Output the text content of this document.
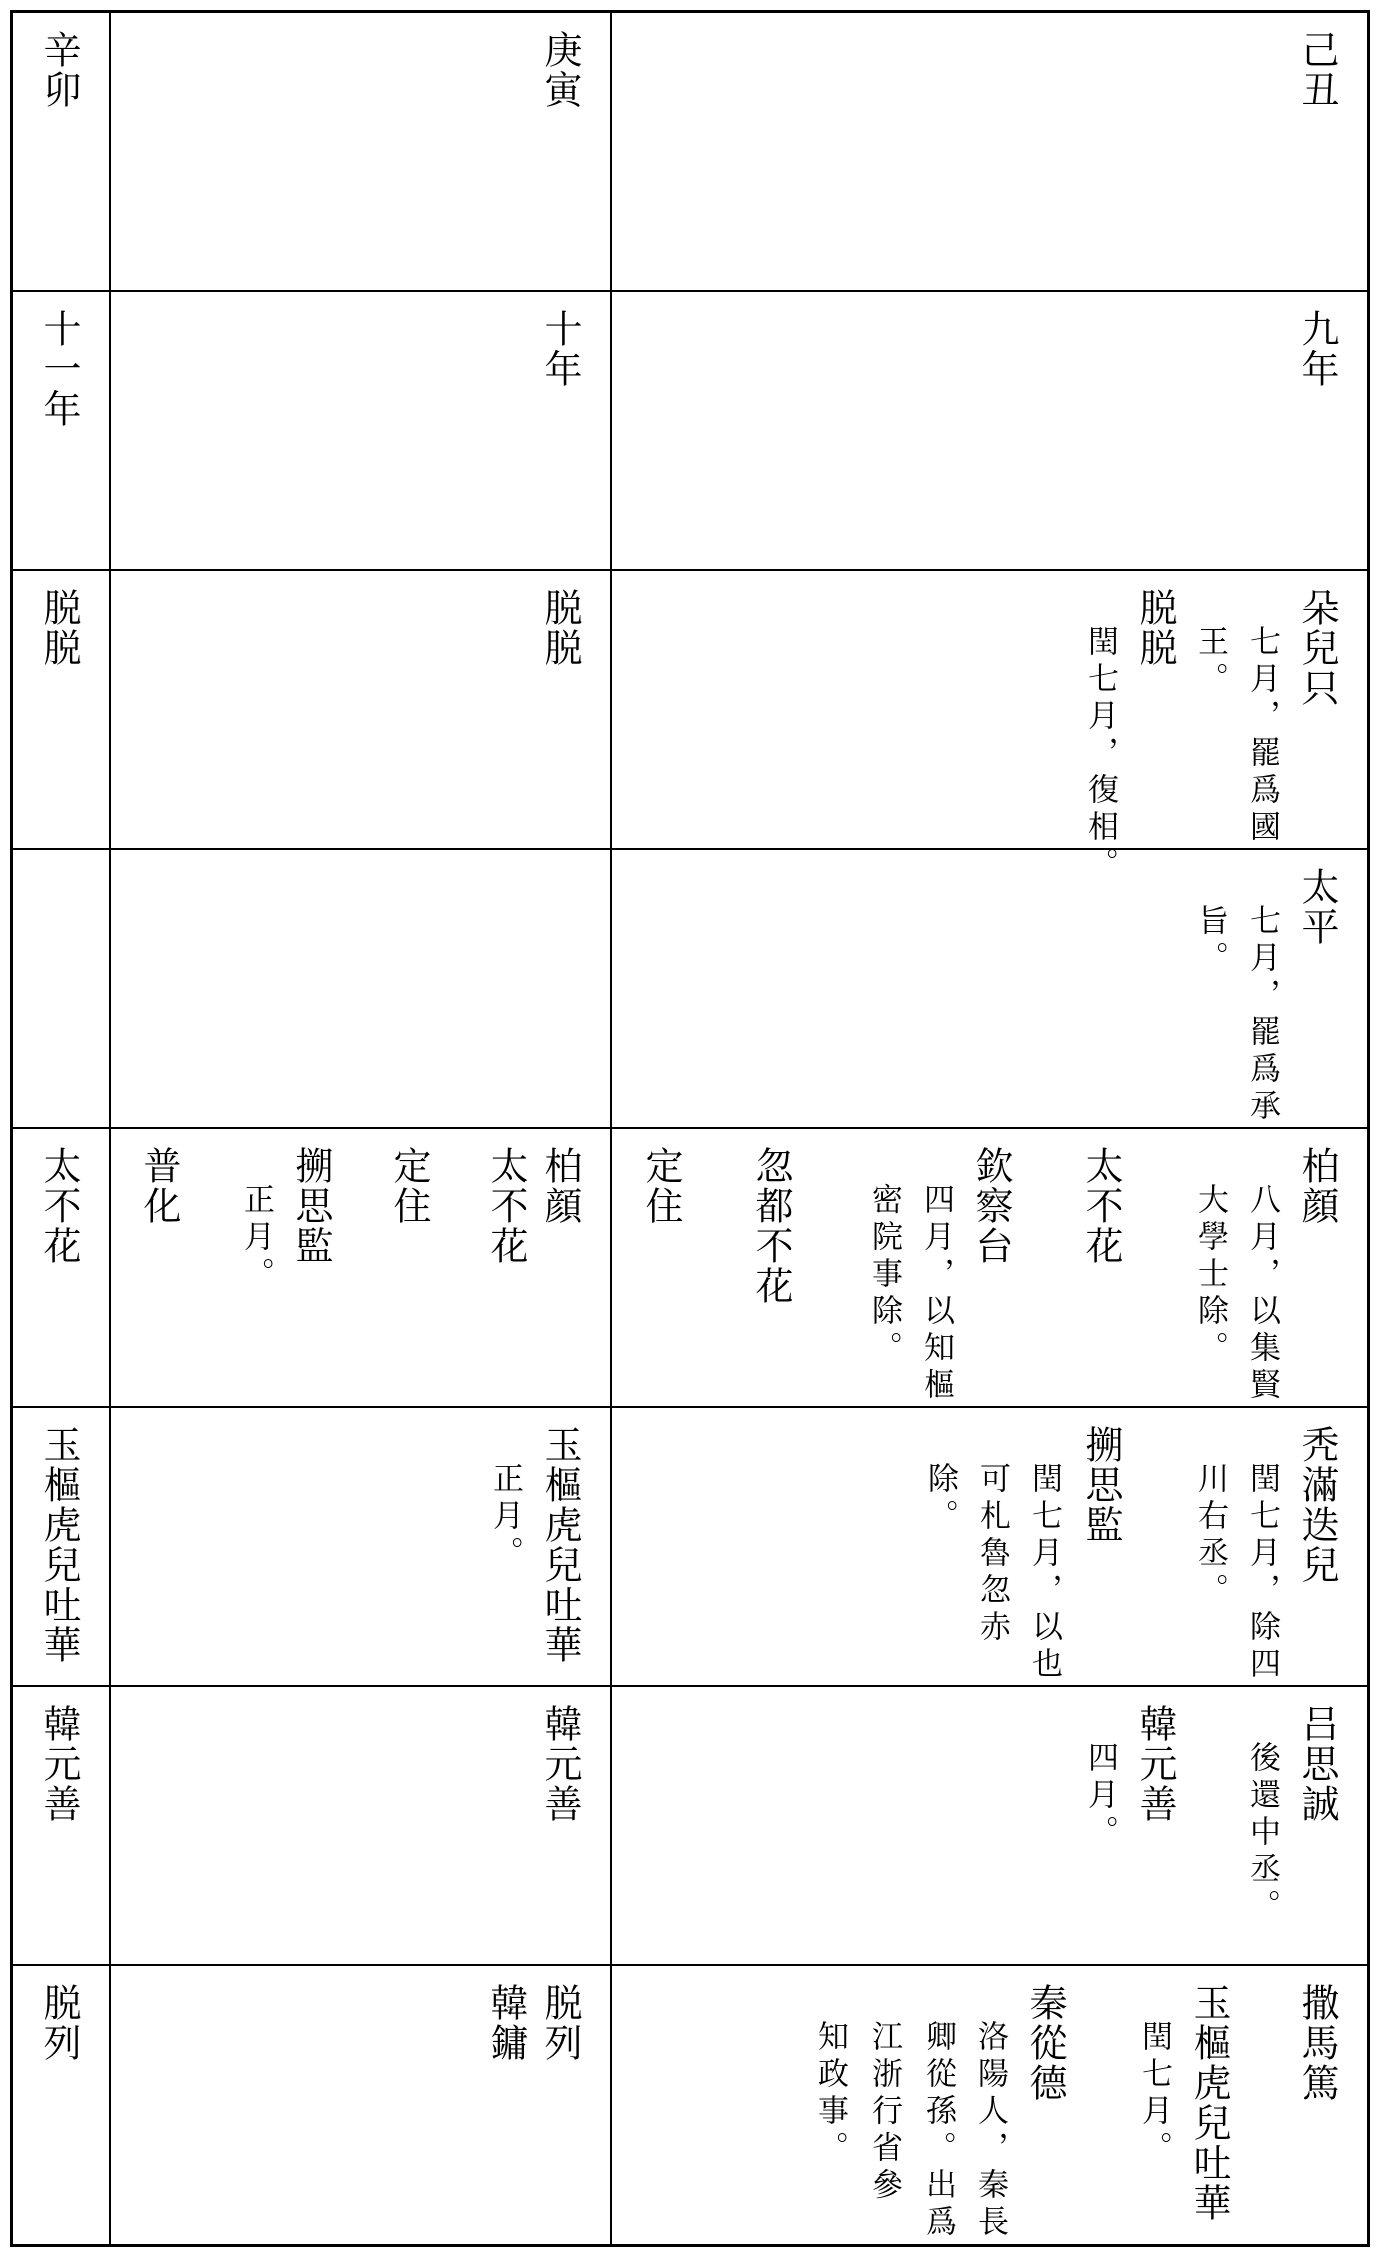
己丑
庚寅
辛卯
九年
十年
十一年
朵兒只
七月，罷爲國
王。
脱脱
閏七月，復相。
脱脱
脱脱
太平
七月，罷爲承
旨。
柏顔
八月，以集賢
大學士除。
太不花
欽察台
四月，以知樞
密院事除。
忽都不花
定住
柏顔
太不花
定住
搠思監
正月。
普化
太不花
秃滿迭兒
閏七月，除四
川右丞。
搠思監
閏七月，以也
可札魯忽赤
除。
玉樞虎兒吐華
正月。
玉樞虎兒吐華
吕思誠
後還中丞。
韓元善
四月。
韓元善
韓元善
撒馬篤
玉樞虎兒吐華
閏七月。
秦從德
洛陽人，秦長
卿從孫。出爲
江浙行省參
知政事。
脱列
韓鏞
脱列
